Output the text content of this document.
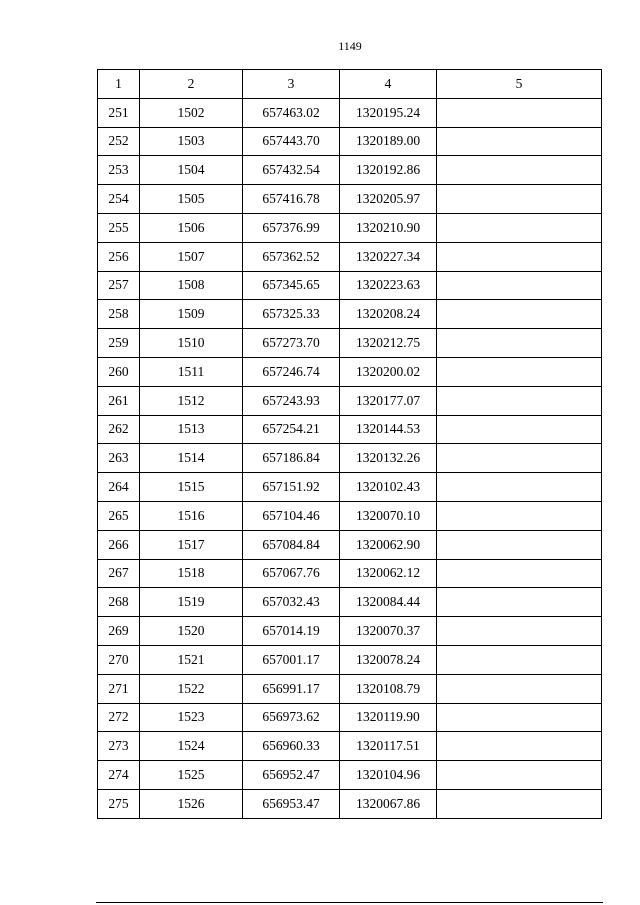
1149
1	2	3	4	5
251	1502	657463.02	1320195.24	
252	1503	657443.70	1320189.00	
253	1504	657432.54	1320192.86	
254	1505	657416.78	1320205.97	
255	1506	657376.99	1320210.90	
256	1507	657362.52	1320227.34	
257	1508	657345.65	1320223.63	
258	1509	657325.33	1320208.24	
259	1510	657273.70	1320212.75	
260	1511	657246.74	1320200.02	
261	1512	657243.93	1320177.07	
262	1513	657254.21	1320144.53	
263	1514	657186.84	1320132.26	
264	1515	657151.92	1320102.43	
265	1516	657104.46	1320070.10	
266	1517	657084.84	1320062.90	
267	1518	657067.76	1320062.12	
268	1519	657032.43	1320084.44	
269	1520	657014.19	1320070.37	
270	1521	657001.17	1320078.24	
271	1522	656991.17	1320108.79	
272	1523	656973.62	1320119.90	
273	1524	656960.33	1320117.51	
274	1525	656952.47	1320104.96	
275	1526	656953.47	1320067.86	
